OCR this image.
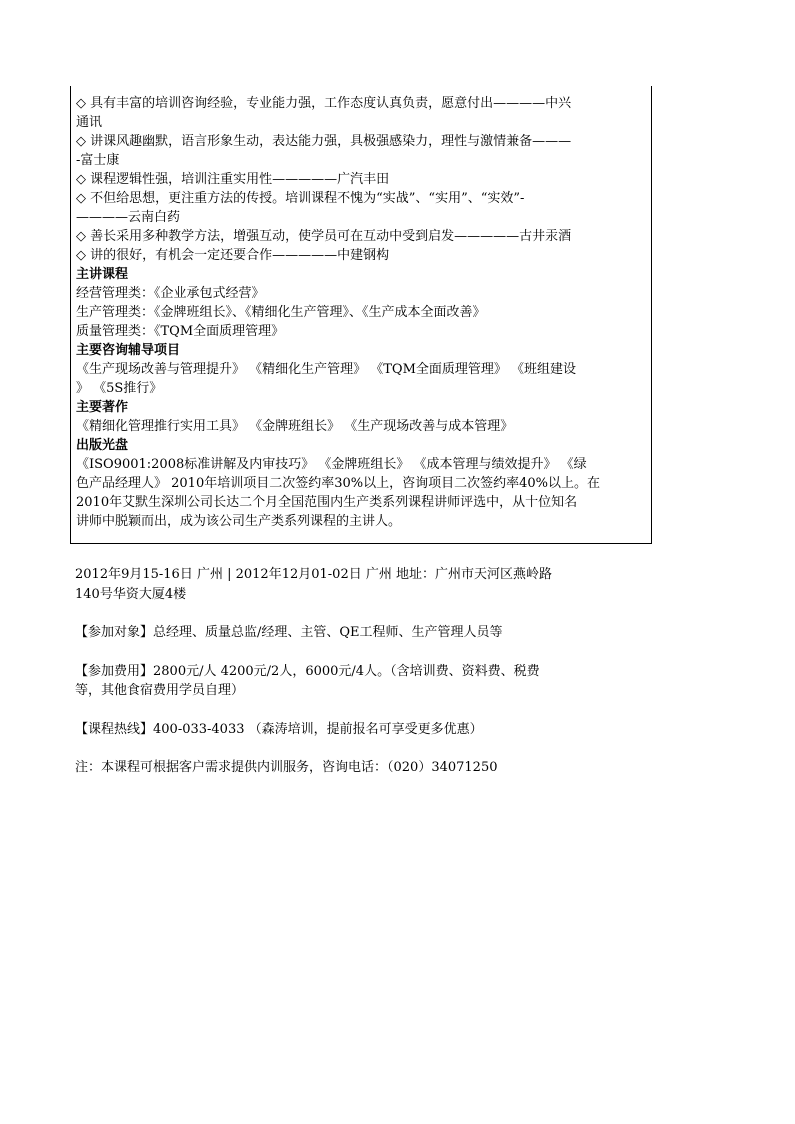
◇ 具有丰富的培训咨询经验，专业能力强，工作态度认真负责，愿意付出————中兴
通讯
◇ 讲课风趣幽默，语言形象生动，表达能力强，具极强感染力，理性与激情兼备———
-富士康
◇ 课程逻辑性强，培训注重实用性—————广汽丰田
◇ 不但给思想，更注重方法的传授。培训课程不愧为“实战”、“实用”、“实效”-
————云南白药
◇ 善长采用多种教学方法，增强互动，使学员可在互动中受到启发—————古井汞酒
◇ 讲的很好，有机会一定还要合作—————中建钢构
主讲课程
经营管理类：《企业承包式经营》
生产管理类：《金牌班组长》、《精细化生产管理》、《生产成本全面改善》
质量管理类：《TQM全面质理管理》
主要咨询辅导项目
《生产现场改善与管理提升》 《精细化生产管理》 《TQM全面质理管理》 《班组建设
》 《5S推行》
主要著作
《精细化管理推行实用工具》 《金牌班组长》 《生产现场改善与成本管理》
出版光盘
《ISO9001:2008标准讲解及内审技巧》 《金牌班组长》 《成本管理与绩效提升》 《绿
色产品经理人》 2010年培训项目二次签约率30%以上，咨询项目二次签约率40%以上。在
2010年艾默生深圳公司长达二个月全国范围内生产类系列课程讲师评选中，从十位知名
讲师中脱颖而出，成为该公司生产类系列课程的主讲人。
2012年9月15-16日 广州 | 2012年12月01-02日 广州 地址：广州市天河区燕岭路
140号华资大厦4楼
【参加对象】总经理、质量总监/经理、主管、QE工程师、生产管理人员等
【参加费用】2800元/人 4200元/2人，6000元/4人。（含培训费、资料费、税费
等，其他食宿费用学员自理）
【课程热线】400-033-4033 （森涛培训，提前报名可享受更多优惠）
注：本课程可根据客户需求提供内训服务，咨询电话：（020）34071250
